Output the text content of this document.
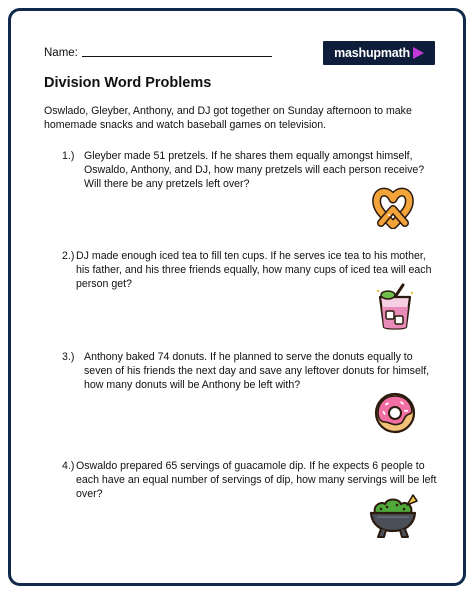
Name:	mash u p math
Division Word Problems

Oswlado, Gleyber, Anthony, and DJ got together on Sunday afternoon to make homemade snacks and watch baseball games on television.

1.) Gleyber made 51 pretzels. If he shares them equally amongst himself, Oswaldo, Anthony, and DJ, how many pretzels will each person receive? Will there be any pretzels left over?
2.) DJ made enough iced tea to fill ten cups. If he serves ice tea to his mother, his father, and his three friends equally, how many cups of iced tea will each person get?
3.) Anthony baked 74 donuts. If he planned to serve the donuts equally to seven of his friends the next day and save any leftover donuts for himself, how many donuts will be Anthony be left with?
4.) Oswaldo prepared 65 servings of guacamole dip. If he expects 6 people to each have an equal number of servings of dip, how many servings will be left over?
